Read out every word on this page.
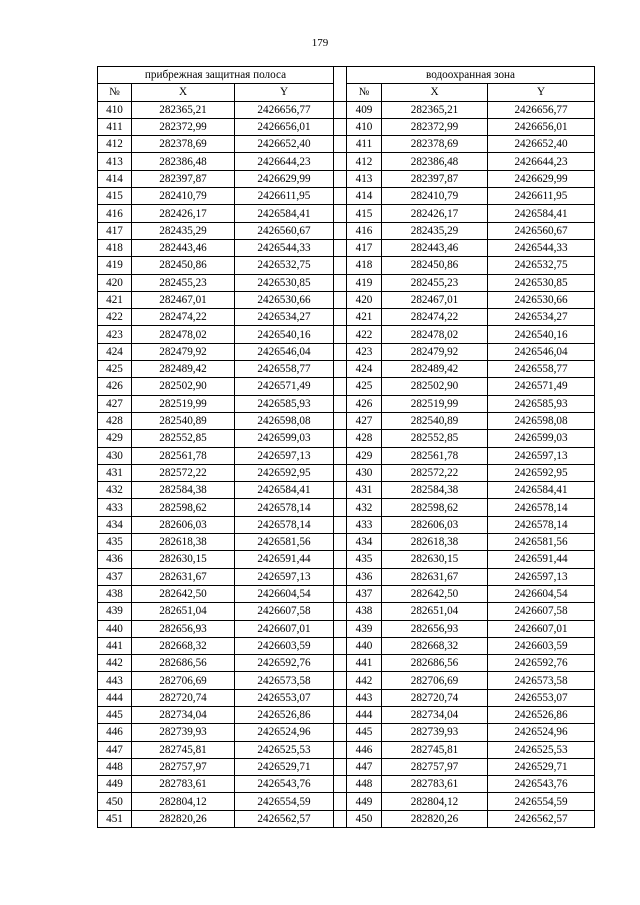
179
прибрежная защитная полоса				водоохранная зона		
№	X	Y		№	X	Y
410	282365,21	2426656,77		409	282365,21	2426656,77
411	282372,99	2426656,01		410	282372,99	2426656,01
412	282378,69	2426652,40		411	282378,69	2426652,40
413	282386,48	2426644,23		412	282386,48	2426644,23
414	282397,87	2426629,99		413	282397,87	2426629,99
415	282410,79	2426611,95		414	282410,79	2426611,95
416	282426,17	2426584,41		415	282426,17	2426584,41
417	282435,29	2426560,67		416	282435,29	2426560,67
418	282443,46	2426544,33		417	282443,46	2426544,33
419	282450,86	2426532,75		418	282450,86	2426532,75
420	282455,23	2426530,85		419	282455,23	2426530,85
421	282467,01	2426530,66		420	282467,01	2426530,66
422	282474,22	2426534,27		421	282474,22	2426534,27
423	282478,02	2426540,16		422	282478,02	2426540,16
424	282479,92	2426546,04		423	282479,92	2426546,04
425	282489,42	2426558,77		424	282489,42	2426558,77
426	282502,90	2426571,49		425	282502,90	2426571,49
427	282519,99	2426585,93		426	282519,99	2426585,93
428	282540,89	2426598,08		427	282540,89	2426598,08
429	282552,85	2426599,03		428	282552,85	2426599,03
430	282561,78	2426597,13		429	282561,78	2426597,13
431	282572,22	2426592,95		430	282572,22	2426592,95
432	282584,38	2426584,41		431	282584,38	2426584,41
433	282598,62	2426578,14		432	282598,62	2426578,14
434	282606,03	2426578,14		433	282606,03	2426578,14
435	282618,38	2426581,56		434	282618,38	2426581,56
436	282630,15	2426591,44		435	282630,15	2426591,44
437	282631,67	2426597,13		436	282631,67	2426597,13
438	282642,50	2426604,54		437	282642,50	2426604,54
439	282651,04	2426607,58		438	282651,04	2426607,58
440	282656,93	2426607,01		439	282656,93	2426607,01
441	282668,32	2426603,59		440	282668,32	2426603,59
442	282686,56	2426592,76		441	282686,56	2426592,76
443	282706,69	2426573,58		442	282706,69	2426573,58
444	282720,74	2426553,07		443	282720,74	2426553,07
445	282734,04	2426526,86		444	282734,04	2426526,86
446	282739,93	2426524,96		445	282739,93	2426524,96
447	282745,81	2426525,53		446	282745,81	2426525,53
448	282757,97	2426529,71		447	282757,97	2426529,71
449	282783,61	2426543,76		448	282783,61	2426543,76
450	282804,12	2426554,59		449	282804,12	2426554,59
451	282820,26	2426562,57		450	282820,26	2426562,57
